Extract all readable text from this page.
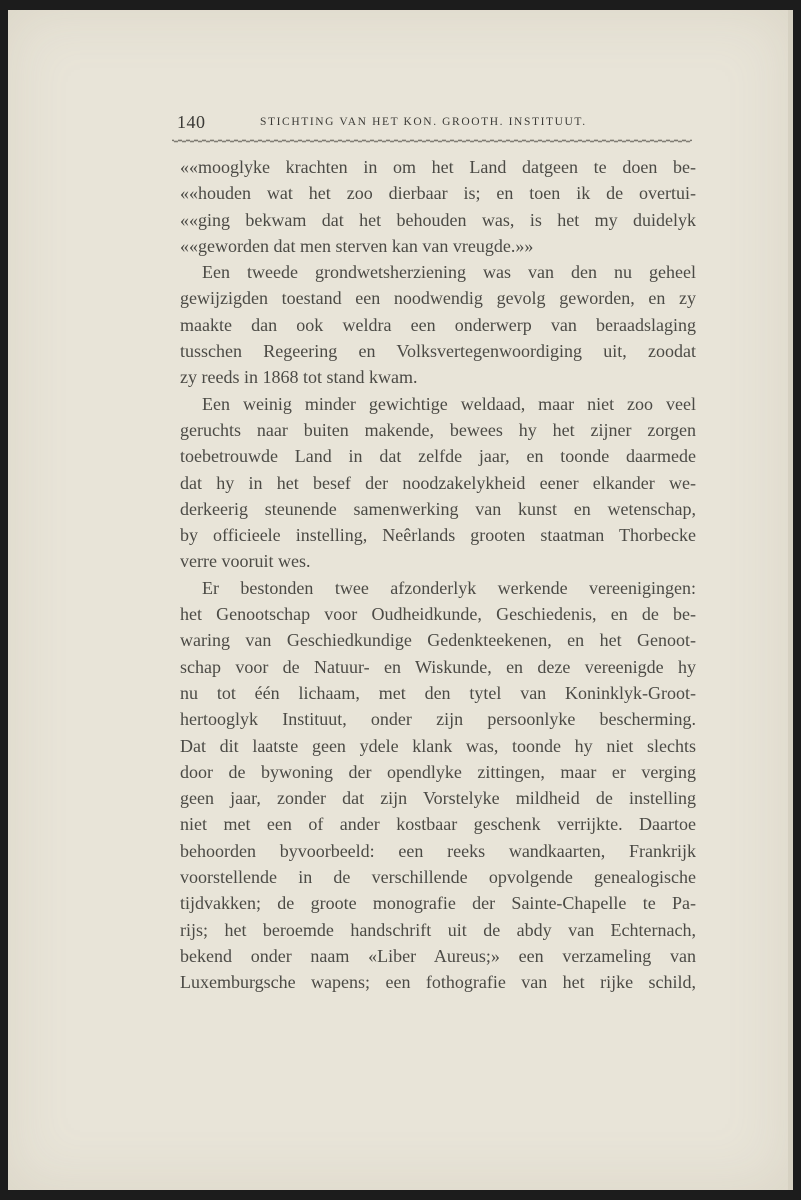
140	STICHTING VAN HET KON. GROOTH. INSTITUUT.
««mooglyke krachten in om het Land datgeen te doen be-
««houden wat het zoo dierbaar is; en toen ik de overtui-
««ging bekwam dat het behouden was, is het my duidelyk
««geworden dat men sterven kan van vreugde.»»
Een tweede grondwetsherziening was van den nu geheel
gewijzigden toestand een noodwendig gevolg geworden, en zy
maakte dan ook weldra een onderwerp van beraadslaging
tusschen Regeering en Volksvertegenwoordiging uit, zoodat
zy reeds in 1868 tot stand kwam.
Een weinig minder gewichtige weldaad, maar niet zoo veel
geruchts naar buiten makende, bewees hy het zijner zorgen
toebetrouwde Land in dat zelfde jaar, en toonde daarmede
dat hy in het besef der noodzakelykheid eener elkander we-
derkeerig steunende samenwerking van kunst en wetenschap,
by officieele instelling, Neêrlands grooten staatman Thorbecke
verre vooruit wes.
Er bestonden twee afzonderlyk werkende vereenigingen:
het Genootschap voor Oudheidkunde, Geschiedenis, en de be-
waring van Geschiedkundige Gedenkteekenen, en het Genoot-
schap voor de Natuur- en Wiskunde, en deze vereenigde hy
nu tot één lichaam, met den tytel van Koninklyk-Groot-
hertooglyk Instituut, onder zijn persoonlyke bescherming.
Dat dit laatste geen ydele klank was, toonde hy niet slechts
door de bywoning der opendlyke zittingen, maar er verging
geen jaar, zonder dat zijn Vorstelyke mildheid de instelling
niet met een of ander kostbaar geschenk verrijkte. Daartoe
behoorden byvoorbeeld: een reeks wandkaarten, Frankrijk
voorstellende in de verschillende opvolgende genealogische
tijdvakken; de groote monografie der Sainte-Chapelle te Pa-
rijs; het beroemde handschrift uit de abdy van Echternach,
bekend onder naam «Liber Aureus;» een verzameling van
Luxemburgsche wapens; een fothografie van het rijke schild,
